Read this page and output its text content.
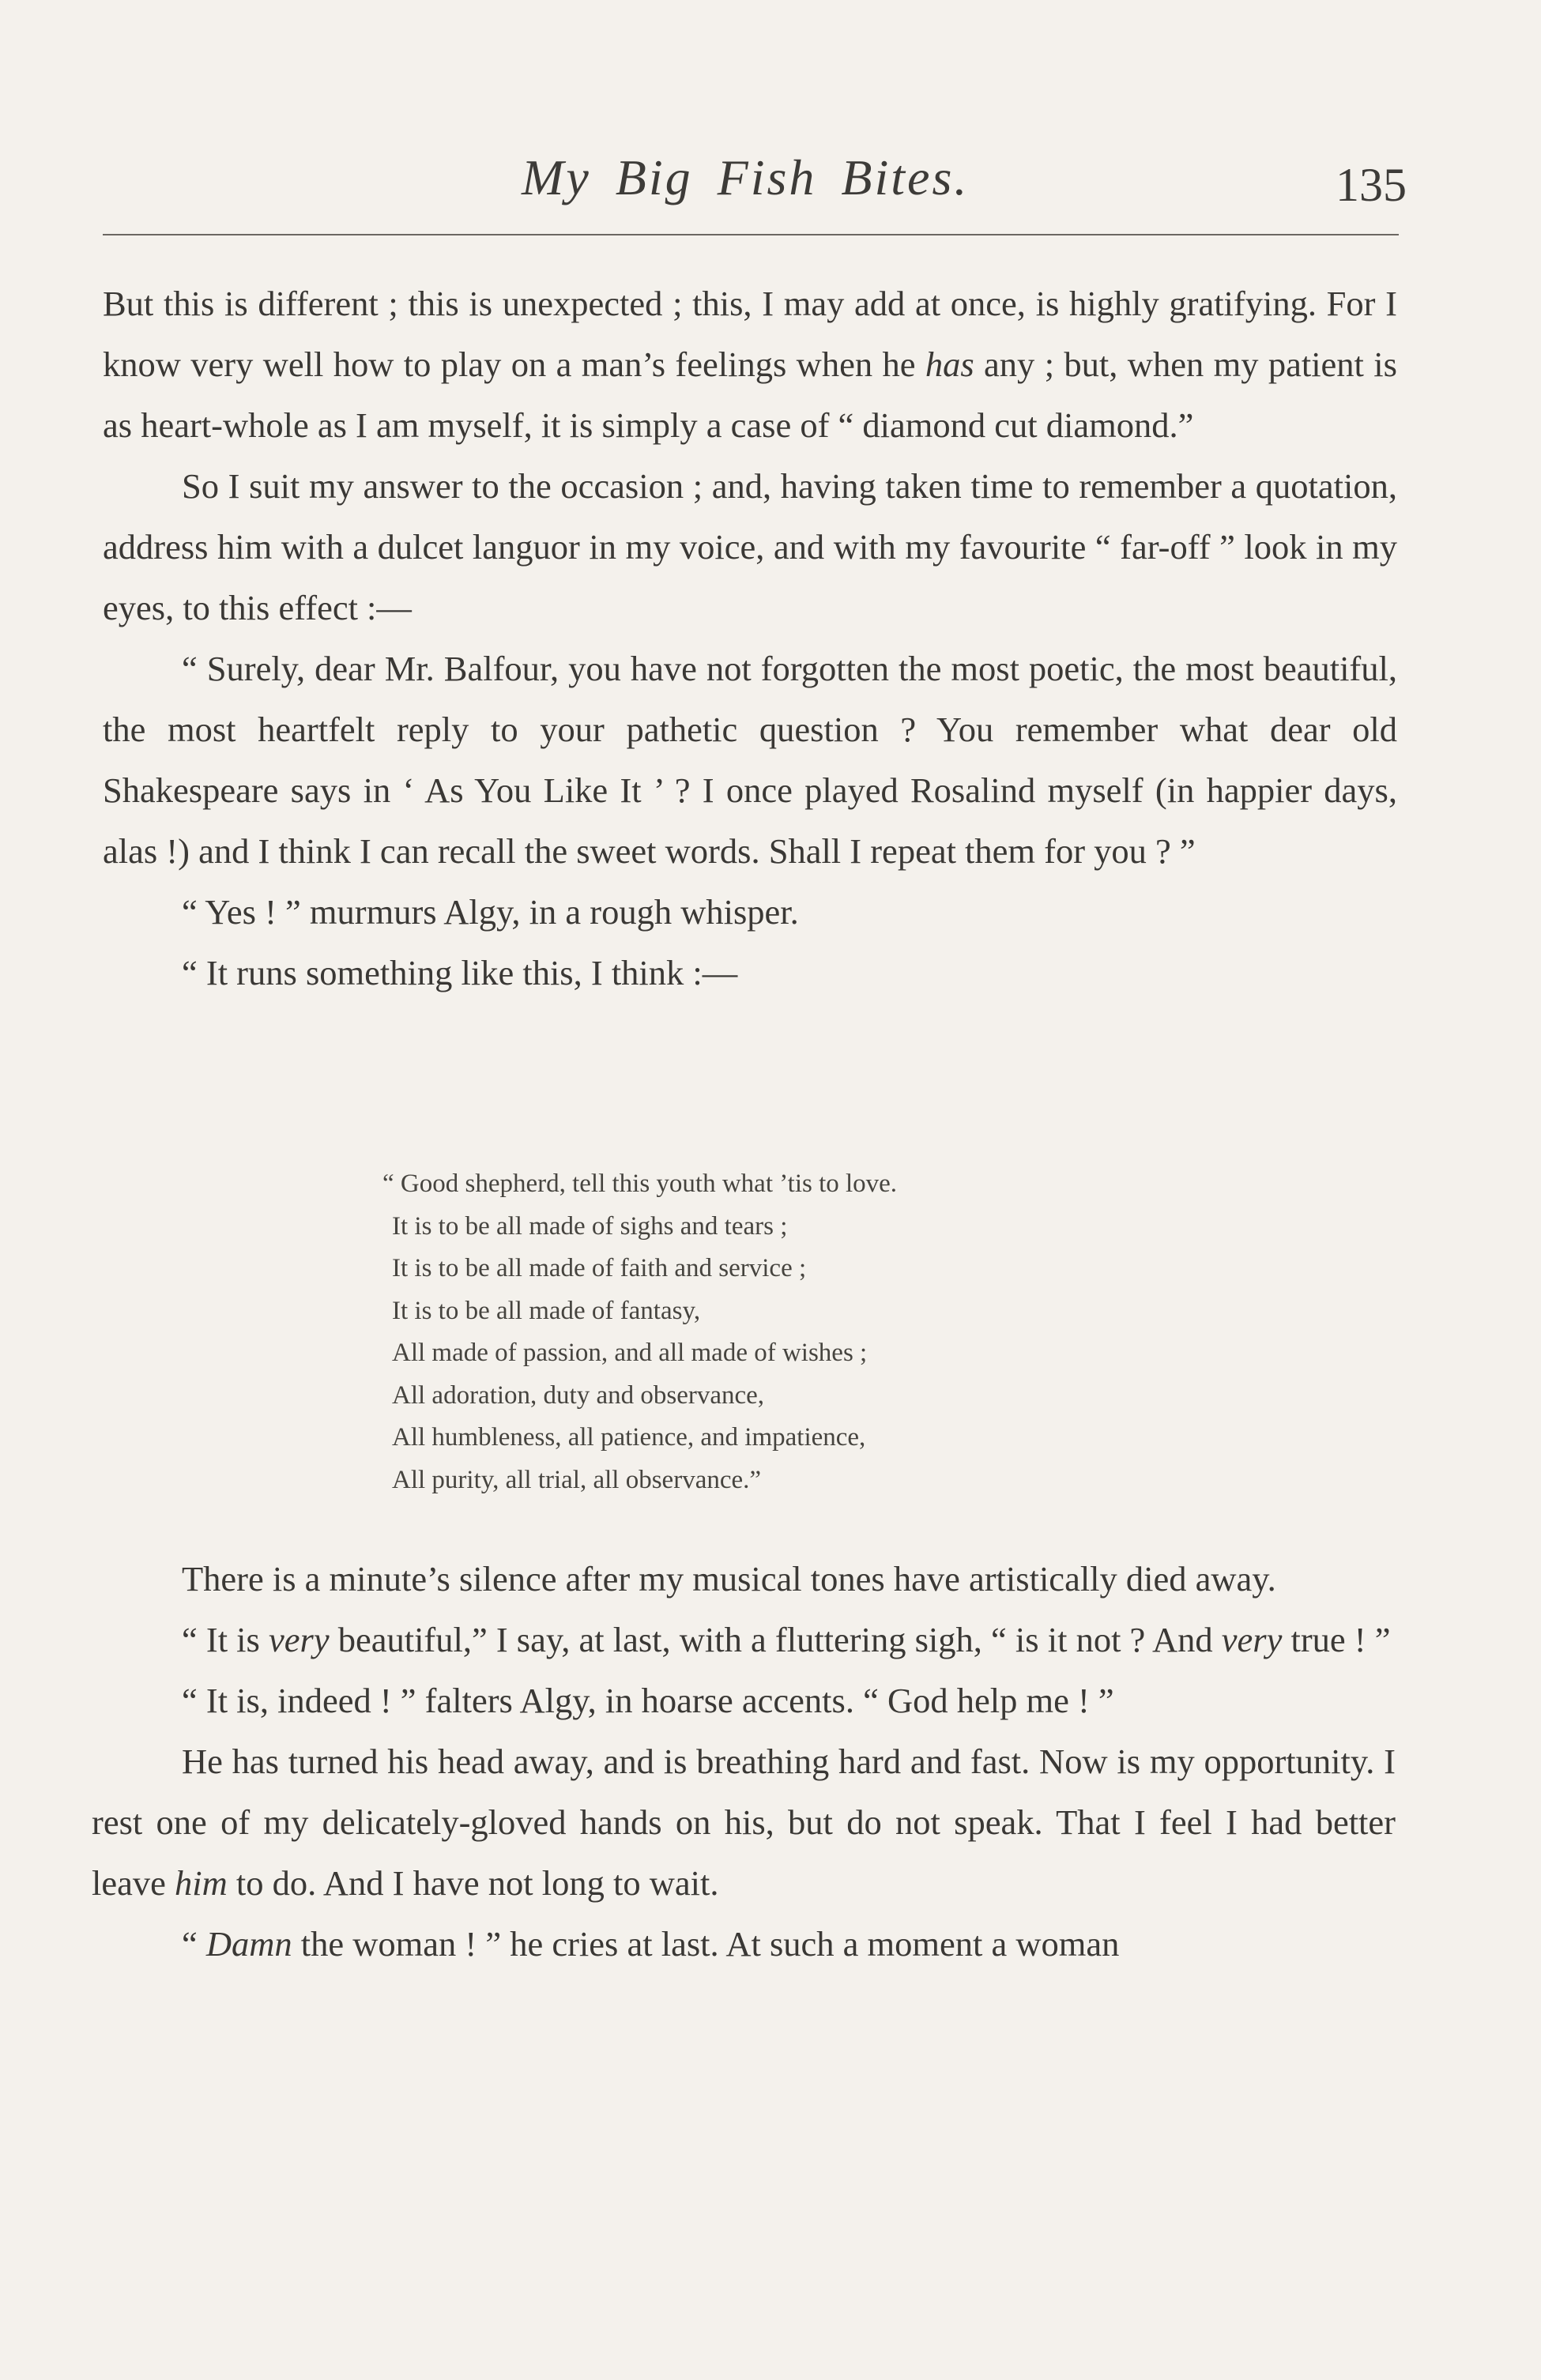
My Big Fish Bites.	135

But this is different ; this is unexpected ; this, I may add at once, is highly gratifying. For I know very well how to play on a man’s feelings when he has any ; but, when my patient is as heart-whole as I am myself, it is simply a case of “ diamond cut diamond.”

So I suit my answer to the occasion ; and, having taken time to remember a quotation, address him with a dulcet languor in my voice, and with my favourite “ far-off ” look in my eyes, to this effect :—

“ Surely, dear Mr. Balfour, you have not forgotten the most poetic, the most beautiful, the most heartfelt reply to your pathetic question ? You remember what dear old Shakespeare says in ‘ As You Like It ’ ? I once played Rosalind myself (in happier days, alas !) and I think I can recall the sweet words. Shall I repeat them for you ? ”

“ Yes ! ” murmurs Algy, in a rough whisper.

“ It runs something like this, I think :—

“ Good shepherd, tell this youth what ’tis to love.
It is to be all made of sighs and tears ;
It is to be all made of faith and service ;
It is to be all made of fantasy,
All made of passion, and all made of wishes ;
All adoration, duty and observance,
All humbleness, all patience, and impatience,
All purity, all trial, all observance.”

There is a minute’s silence after my musical tones have artistically died away.

“ It is very beautiful,” I say, at last, with a fluttering sigh, “ is it not ? And very true ! ”

“ It is, indeed ! ” falters Algy, in hoarse accents. “ God help me ! ”

He has turned his head away, and is breathing hard and fast. Now is my opportunity. I rest one of my delicately-gloved hands on his, but do not speak. That I feel I had better leave him to do. And I have not long to wait.

“ Damn the woman ! ” he cries at last. At such a moment a woman
